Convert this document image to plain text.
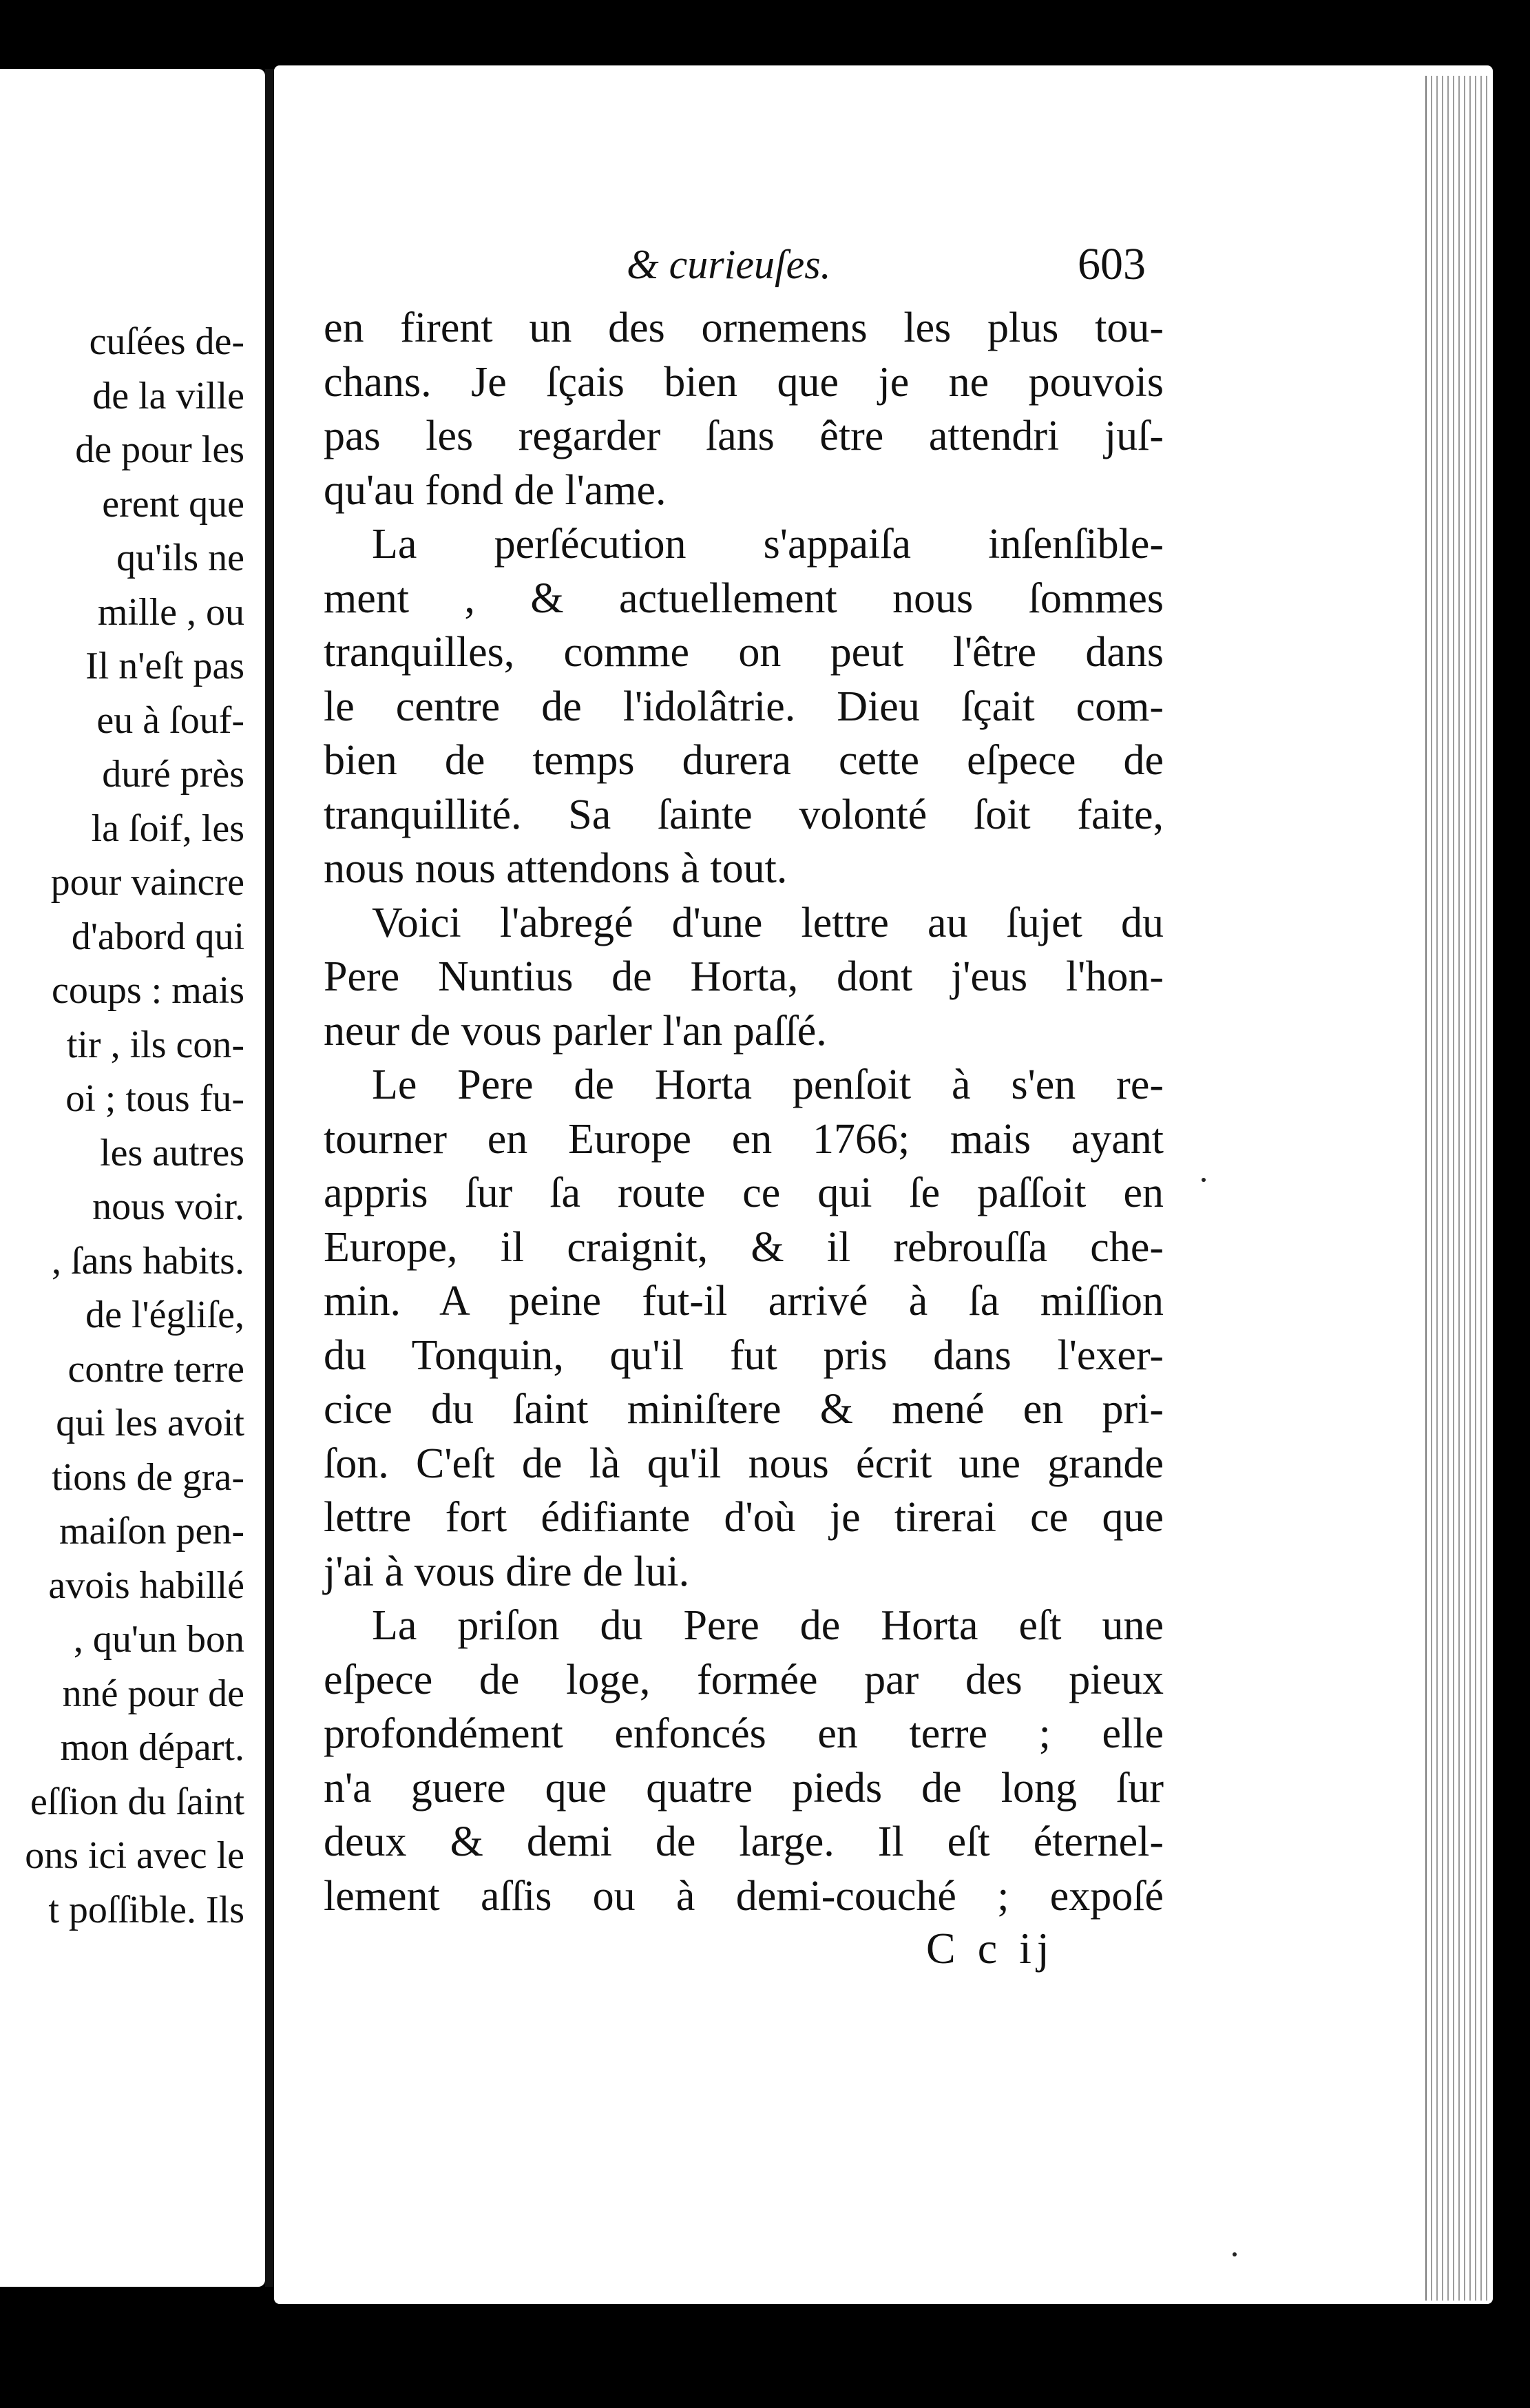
cuſées de-
de la ville
de pour les
erent que
qu'ils ne
mille , ou
Il n'eſt pas
eu à ſouf-
duré près
la ſoif, les
pour vaincre
d'abord qui
coups : mais
tir , ils con-
oi ; tous fu-
les autres
nous voir.
, ſans habits.
de l'égliſe,
contre terre
qui les avoit
tions de gra-
maiſon pen-
avois habillé
, qu'un bon
nné pour de
mon départ.
eſſion du ſaint
ons ici avec le
t poſſible. Ils
& curieuſes.	603
en firent un des ornemens les plus tou-
chans. Je ſçais bien que je ne pouvois
pas les regarder ſans être attendri juſ-
qu'au fond de l'ame.
La perſécution s'appaiſa inſenſible-
ment , & actuellement nous ſommes
tranquilles, comme on peut l'être dans
le centre de l'idolâtrie. Dieu ſçait com-
bien de temps durera cette eſpece de
tranquillité. Sa ſainte volonté ſoit faite,
nous nous attendons à tout.
Voici l'abregé d'une lettre au ſujet du
Pere Nuntius de Horta, dont j'eus l'hon-
neur de vous parler l'an paſſé.
Le Pere de Horta penſoit à s'en re-
tourner en Europe en 1766; mais ayant
appris ſur ſa route ce qui ſe paſſoit en
Europe, il craignit, & il rebrouſſa che-
min. A peine fut-il arrivé à ſa miſſion
du Tonquin, qu'il fut pris dans l'exer-
cice du ſaint miniſtere & mené en pri-
ſon. C'eſt de là qu'il nous écrit une grande
lettre fort édifiante d'où je tirerai ce que
j'ai à vous dire de lui.
La priſon du Pere de Horta eſt une
eſpece de loge, formée par des pieux
profondément enfoncés en terre ; elle
n'a guere que quatre pieds de long ſur
deux & demi de large. Il eſt éternel-
lement aſſis ou à demi-couché ; expoſé
C c ij
